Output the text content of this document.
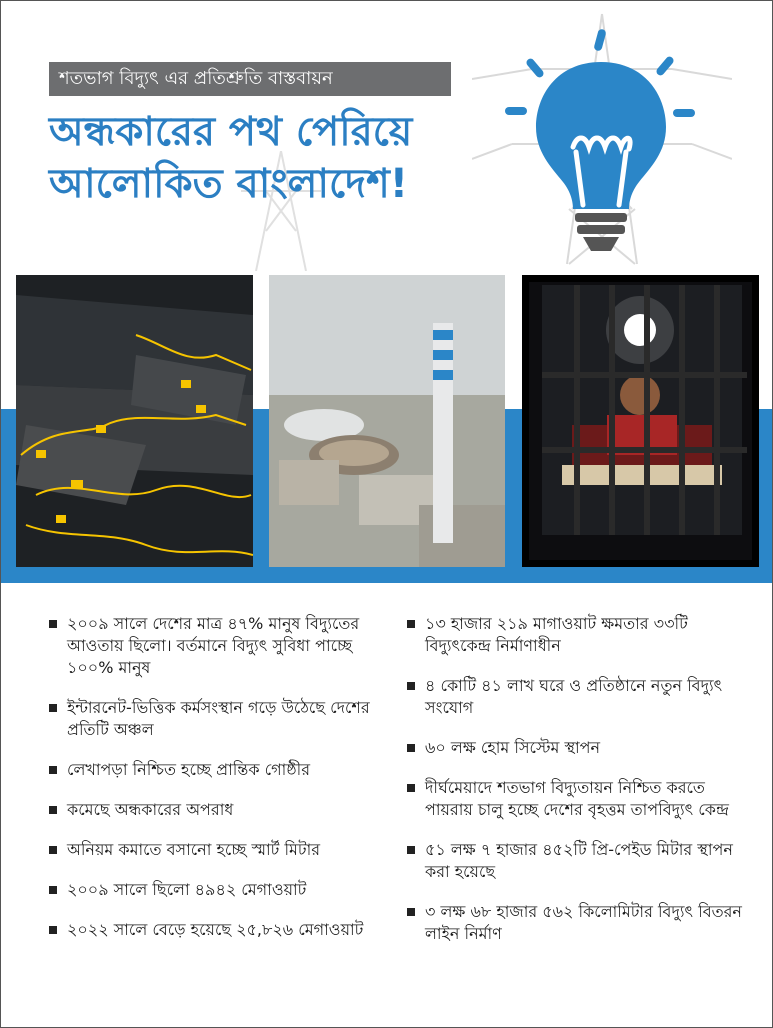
শতভাগ বিদ্যুৎ এর প্রতিশ্রুতি বাস্তবায়ন
অন্ধকারের পথ পেরিয়ে
আলোকিত বাংলাদেশ!
২০০৯ সালে দেশের মাত্র ৪৭% মানুষ বিদ্যুতের আওতায় ছিলো। বর্তমানে বিদ্যুৎ সুবিধা পাচ্ছে ১০০% মানুষ
ইন্টারনেট-ভিত্তিক কর্মসংস্থান গড়ে উঠেছে দেশের প্রতিটি অঞ্চল
লেখাপড়া নিশ্চিত হচ্ছে প্রান্তিক গোষ্ঠীর
কমেছে অন্ধকারের অপরাধ
অনিয়ম কমাতে বসানো হচ্ছে স্মার্ট মিটার
২০০৯ সালে ছিলো ৪৯৪২ মেগাওয়াট
২০২২ সালে বেড়ে হয়েছে ২৫,৮২৬ মেগাওয়াট
১৩ হাজার ২১৯ মাগাওয়াট ক্ষমতার ৩৩টি বিদ্যুৎকেন্দ্র নির্মাণাধীন
৪ কোটি ৪১ লাখ ঘরে ও প্রতিষ্ঠানে নতুন বিদ্যুৎ সংযোগ
৬০ লক্ষ হোম সিস্টেম স্থাপন
দীর্ঘমেয়াদে শতভাগ বিদ্যুতায়ন নিশ্চিত করতে পায়রায় চালু হচ্ছে দেশের বৃহত্তম তাপবিদ্যুৎ কেন্দ্র
৫১ লক্ষ ৭ হাজার ৪৫২টি প্রি-পেইড মিটার স্থাপন করা হয়েছে
৩ লক্ষ ৬৮ হাজার ৫৬২ কিলোমিটার বিদ্যুৎ বিতরন লাইন নির্মাণ
